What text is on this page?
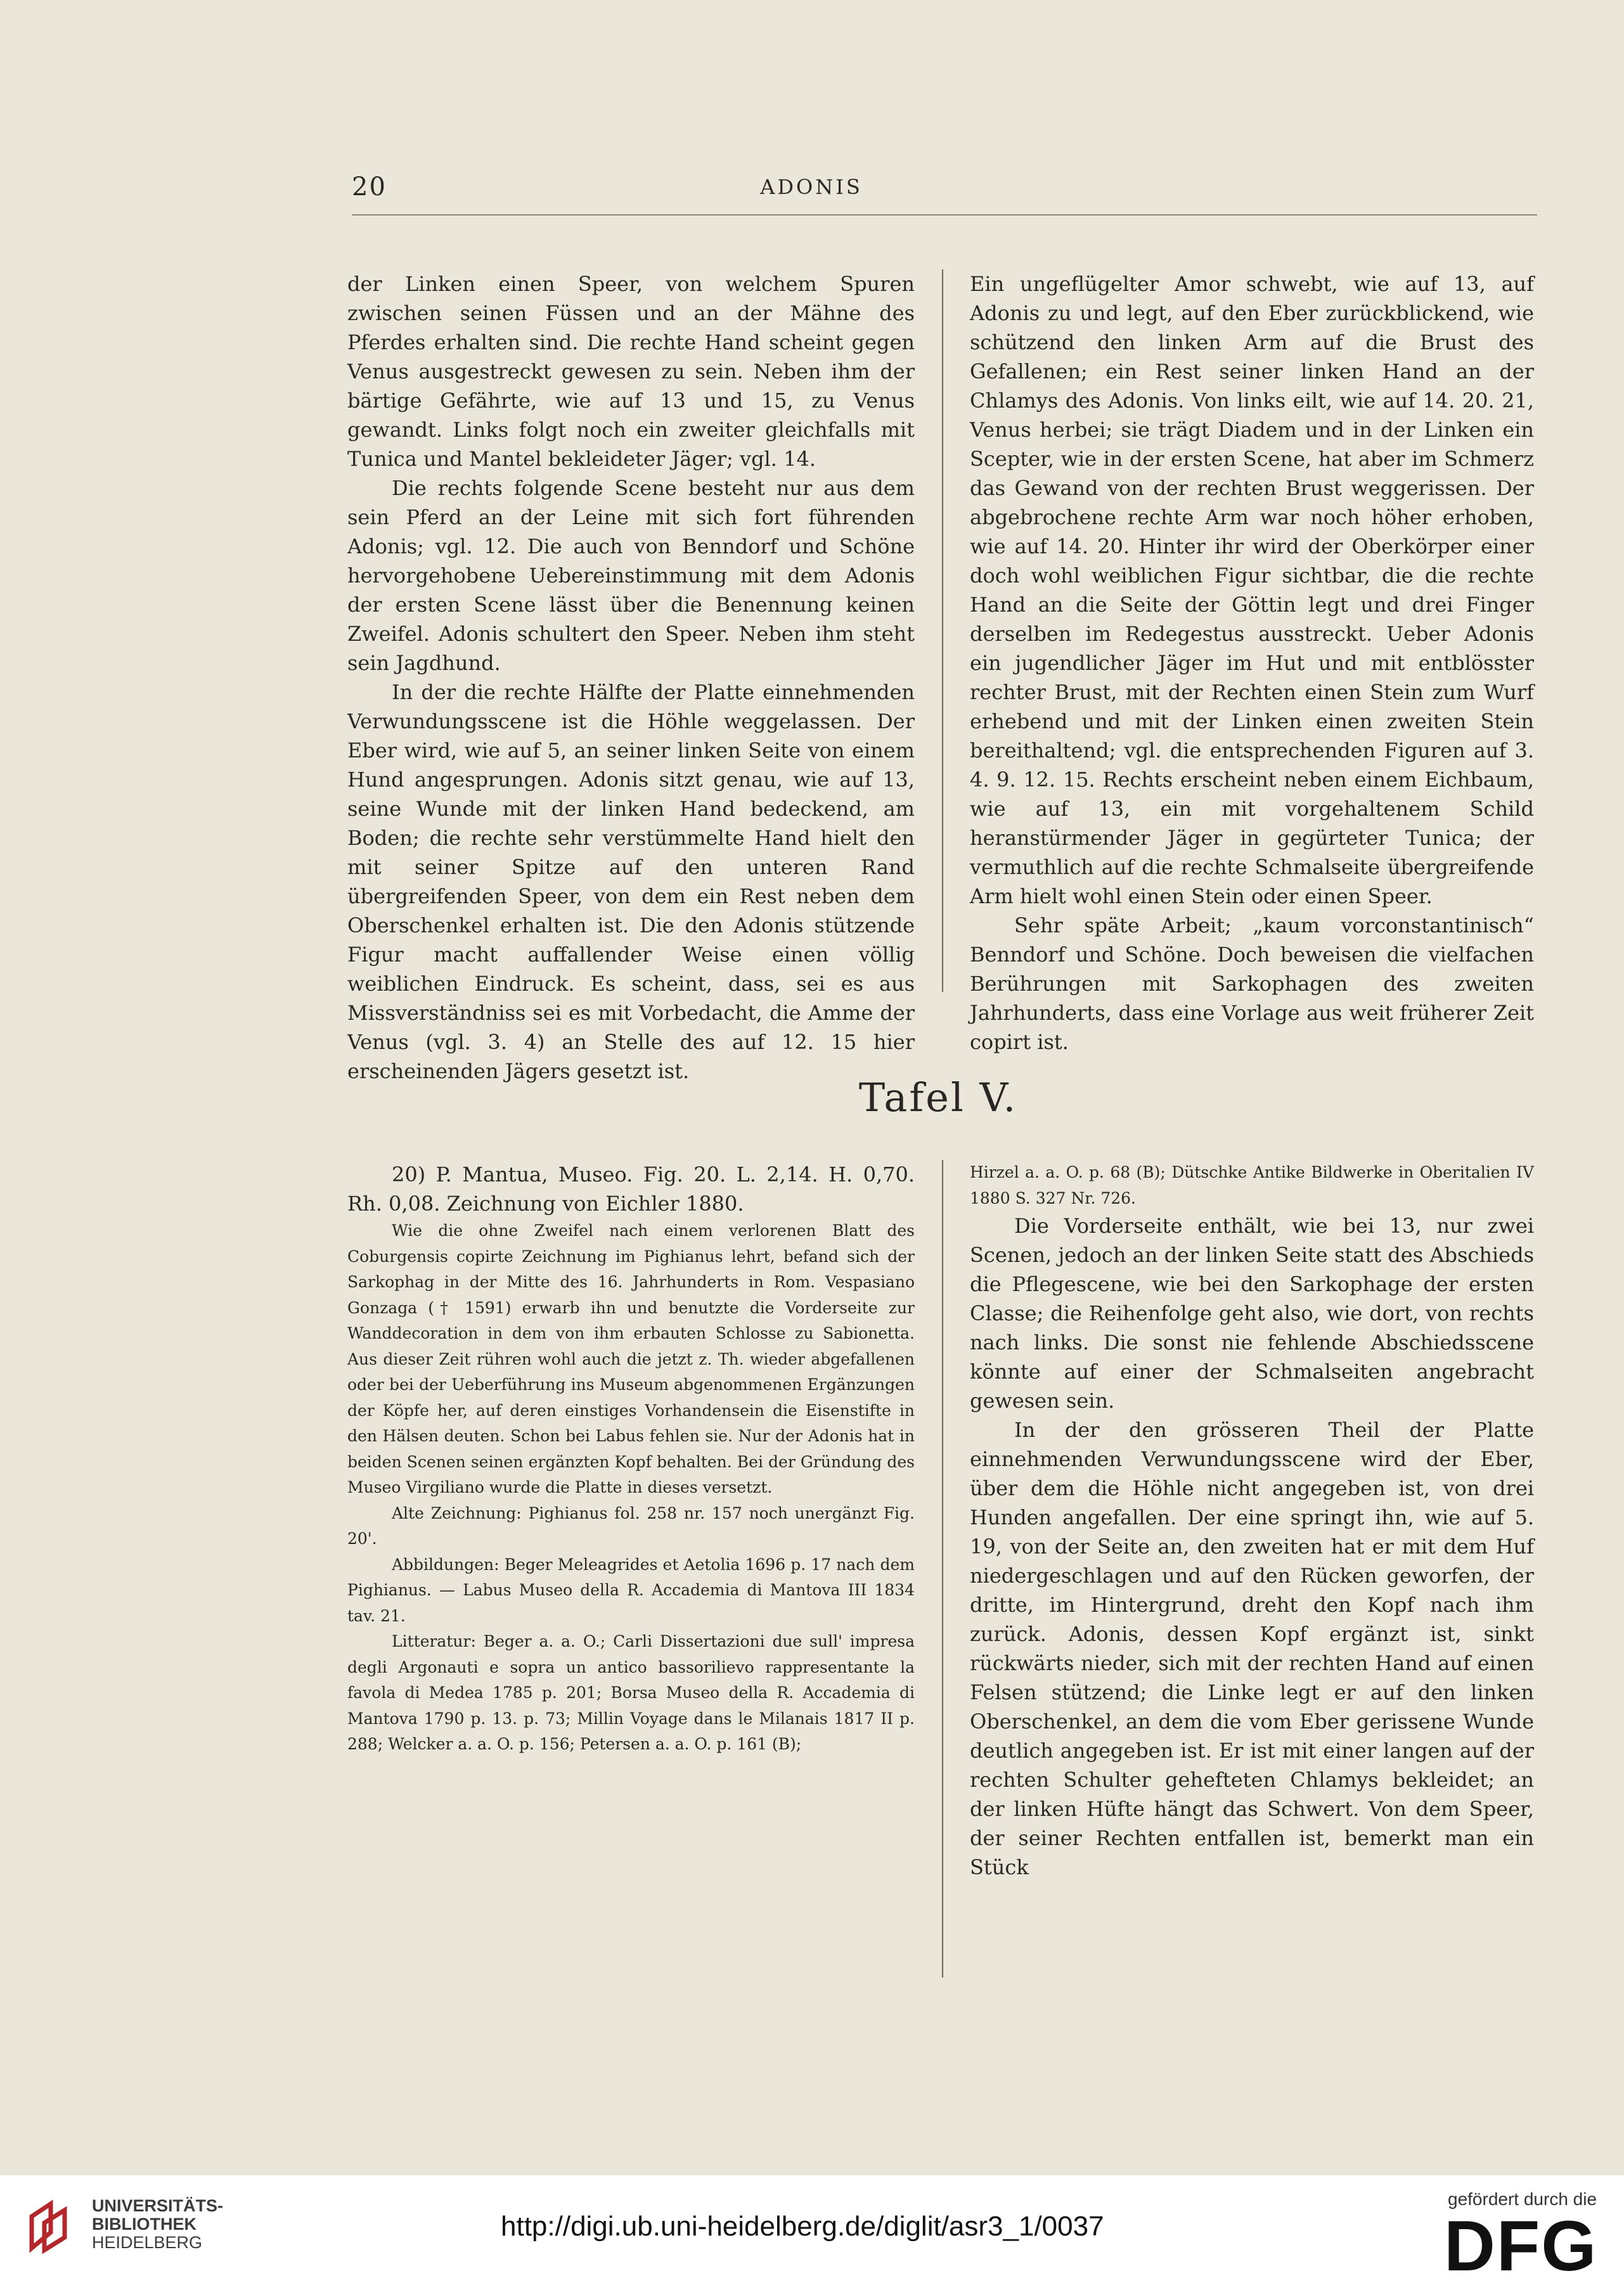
20	ADONIS

der Linken einen Speer, von welchem Spuren zwischen seinen Füssen und an der Mähne des Pferdes erhalten sind. Die rechte Hand scheint gegen Venus ausgestreckt gewesen zu sein. Neben ihm der bärtige Gefährte, wie auf 13 und 15, zu Venus gewandt. Links folgt noch ein zweiter gleichfalls mit Tunica und Mantel bekleideter Jäger; vgl. 14.

Die rechts folgende Scene besteht nur aus dem sein Pferd an der Leine mit sich fort führenden Adonis; vgl. 12. Die auch von Benndorf und Schöne hervorgehobene Uebereinstimmung mit dem Adonis der ersten Scene lässt über die Benennung keinen Zweifel. Adonis schultert den Speer. Neben ihm steht sein Jagdhund.

In der die rechte Hälfte der Platte einnehmenden Verwundungsscene ist die Höhle weggelassen. Der Eber wird, wie auf 5, an seiner linken Seite von einem Hund angesprungen. Adonis sitzt genau, wie auf 13, seine Wunde mit der linken Hand bedeckend, am Boden; die rechte sehr verstümmelte Hand hielt den mit seiner Spitze auf den unteren Rand übergreifenden Speer, von dem ein Rest neben dem Oberschenkel erhalten ist. Die den Adonis stützende Figur macht auffallender Weise einen völlig weiblichen Eindruck. Es scheint, dass, sei es aus Missverständniss sei es mit Vorbedacht, die Amme der Venus (vgl. 3. 4) an Stelle des auf 12. 15 hier erscheinenden Jägers gesetzt ist.

Ein ungeflügelter Amor schwebt, wie auf 13, auf Adonis zu und legt, auf den Eber zurückblickend, wie schützend den linken Arm auf die Brust des Gefallenen; ein Rest seiner linken Hand an der Chlamys des Adonis. Von links eilt, wie auf 14. 20. 21, Venus herbei; sie trägt Diadem und in der Linken ein Scepter, wie in der ersten Scene, hat aber im Schmerz das Gewand von der rechten Brust weggerissen. Der abgebrochene rechte Arm war noch höher erhoben, wie auf 14. 20. Hinter ihr wird der Oberkörper einer doch wohl weiblichen Figur sichtbar, die die rechte Hand an die Seite der Göttin legt und drei Finger derselben im Redegestus ausstreckt. Ueber Adonis ein jugendlicher Jäger im Hut und mit entblösster rechter Brust, mit der Rechten einen Stein zum Wurf erhebend und mit der Linken einen zweiten Stein bereithaltend; vgl. die entsprechenden Figuren auf 3. 4. 9. 12. 15. Rechts erscheint neben einem Eichbaum, wie auf 13, ein mit vorgehaltenem Schild heranstürmender Jäger in gegürteter Tunica; der vermuthlich auf die rechte Schmalseite übergreifende Arm hielt wohl einen Stein oder einen Speer.

Sehr späte Arbeit; „kaum vorconstantinisch“ Benndorf und Schöne. Doch beweisen die vielfachen Berührungen mit Sarkophagen des zweiten Jahrhunderts, dass eine Vorlage aus weit früherer Zeit copirt ist.

Tafel V.

20) P. Mantua, Museo. Fig. 20. L. 2,14. H. 0,70. Rh. 0,08. Zeichnung von Eichler 1880.

Wie die ohne Zweifel nach einem verlorenen Blatt des Coburgensis copirte Zeichnung im Pighianus lehrt, befand sich der Sarkophag in der Mitte des 16. Jahrhunderts in Rom. Vespasiano Gonzaga († 1591) erwarb ihn und benutzte die Vorderseite zur Wanddecoration in dem von ihm erbauten Schlosse zu Sabionetta. Aus dieser Zeit rühren wohl auch die jetzt z. Th. wieder abgefallenen oder bei der Ueberführung ins Museum abgenommenen Ergänzungen der Köpfe her, auf deren einstiges Vorhandensein die Eisenstifte in den Hälsen deuten. Schon bei Labus fehlen sie. Nur der Adonis hat in beiden Scenen seinen ergänzten Kopf behalten. Bei der Gründung des Museo Virgiliano wurde die Platte in dieses versetzt.

Alte Zeichnung: Pighianus fol. 258 nr. 157 noch unergänzt Fig. 20'.

Abbildungen: Beger Meleagrides et Aetolia 1696 p. 17 nach dem Pighianus. — Labus Museo della R. Accademia di Mantova III 1834 tav. 21.

Litteratur: Beger a. a. O.; Carli Dissertazioni due sull' impresa degli Argonauti e sopra un antico bassorilievo rappresentante la favola di Medea 1785 p. 201; Borsa Museo della R. Accademia di Mantova 1790 p. 13. p. 73; Millin Voyage dans le Milanais 1817 II p. 288; Welcker a. a. O. p. 156; Petersen a. a. O. p. 161 (B);

Hirzel a. a. O. p. 68 (B); Dütschke Antike Bildwerke in Oberitalien IV 1880 S. 327 Nr. 726.

Die Vorderseite enthält, wie bei 13, nur zwei Scenen, jedoch an der linken Seite statt des Abschieds die Pflegescene, wie bei den Sarkophage der ersten Classe; die Reihenfolge geht also, wie dort, von rechts nach links. Die sonst nie fehlende Abschiedsscene könnte auf einer der Schmalseiten angebracht gewesen sein.

In der den grösseren Theil der Platte einnehmenden Verwundungsscene wird der Eber, über dem die Höhle nicht angegeben ist, von drei Hunden angefallen. Der eine springt ihn, wie auf 5. 19, von der Seite an, den zweiten hat er mit dem Huf niedergeschlagen und auf den Rücken geworfen, der dritte, im Hintergrund, dreht den Kopf nach ihm zurück. Adonis, dessen Kopf ergänzt ist, sinkt rückwärts nieder, sich mit der rechten Hand auf einen Felsen stützend; die Linke legt er auf den linken Oberschenkel, an dem die vom Eber gerissene Wunde deutlich angegeben ist. Er ist mit einer langen auf der rechten Schulter gehefteten Chlamys bekleidet; an der linken Hüfte hängt das Schwert. Von dem Speer, der seiner Rechten entfallen ist, bemerkt man ein Stück

UNIVERSITÄTS-
BIBLIOTHEK
HEIDELBERG
http://digi.ub.uni-heidelberg.de/diglit/asr3_1/0037
gefördert durch die
DFG
